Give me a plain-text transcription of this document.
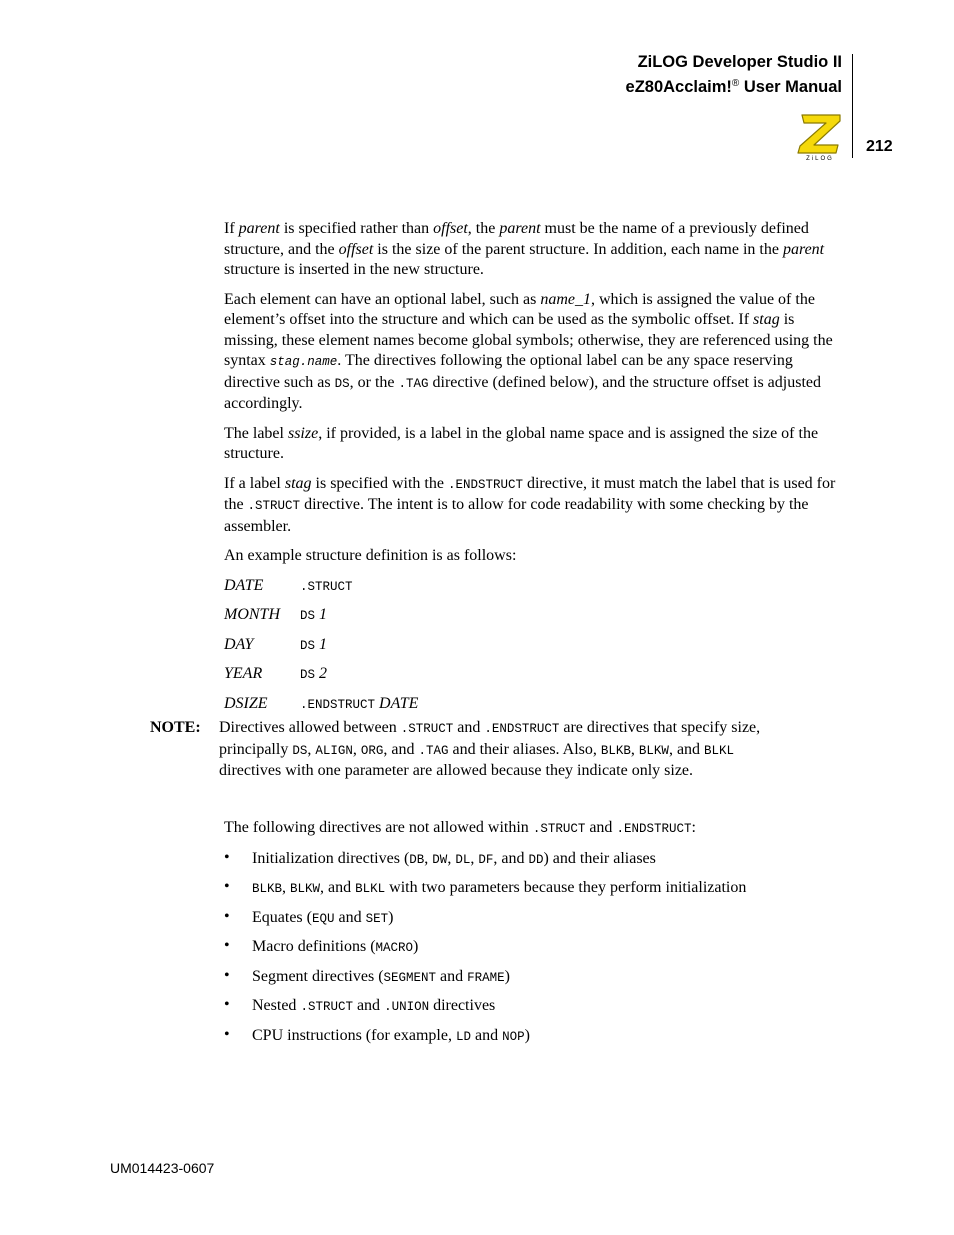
ZiLOG Developer Studio II
eZ80Acclaim!® User Manual
ZiLOG
212

If parent is specified rather than offset, the parent must be the name of a previously defined structure, and the offset is the size of the parent structure. In addition, each name in the parent structure is inserted in the new structure.

Each element can have an optional label, such as name_1, which is assigned the value of the element’s offset into the structure and which can be used as the symbolic offset. If stag is missing, these element names become global symbols; otherwise, they are referenced using the syntax stag.name. The directives following the optional label can be any space reserving directive such as DS, or the .TAG directive (defined below), and the structure offset is adjusted accordingly.

The label ssize, if provided, is a label in the global name space and is assigned the size of the structure.

If a label stag is specified with the .ENDSTRUCT directive, it must match the label that is used for the .STRUCT directive. The intent is to allow for code readability with some checking by the assembler.

An example structure definition is as follows:

DATE	.STRUCT
MONTH DS 1
DAY	DS 1
YEAR	DS 2
DSIZE	.ENDSTRUCT DATE
NOTE: Directives allowed between .STRUCT and .ENDSTRUCT are directives that specify size, principally DS, ALIGN, ORG, and .TAG and their aliases. Also, BLKB, BLKW, and BLKL directives with one parameter are allowed because they indicate only size.

The following directives are not allowed within .STRUCT and .ENDSTRUCT:

• Initialization directives (DB, DW, DL, DF, and DD) and their aliases
• BLKB, BLKW, and BLKL with two parameters because they perform initialization
• Equates (EQU and SET)
• Macro definitions (MACRO)
• Segment directives (SEGMENT and FRAME)
• Nested .STRUCT and .UNION directives
• CPU instructions (for example, LD and NOP)
UM014423-0607
